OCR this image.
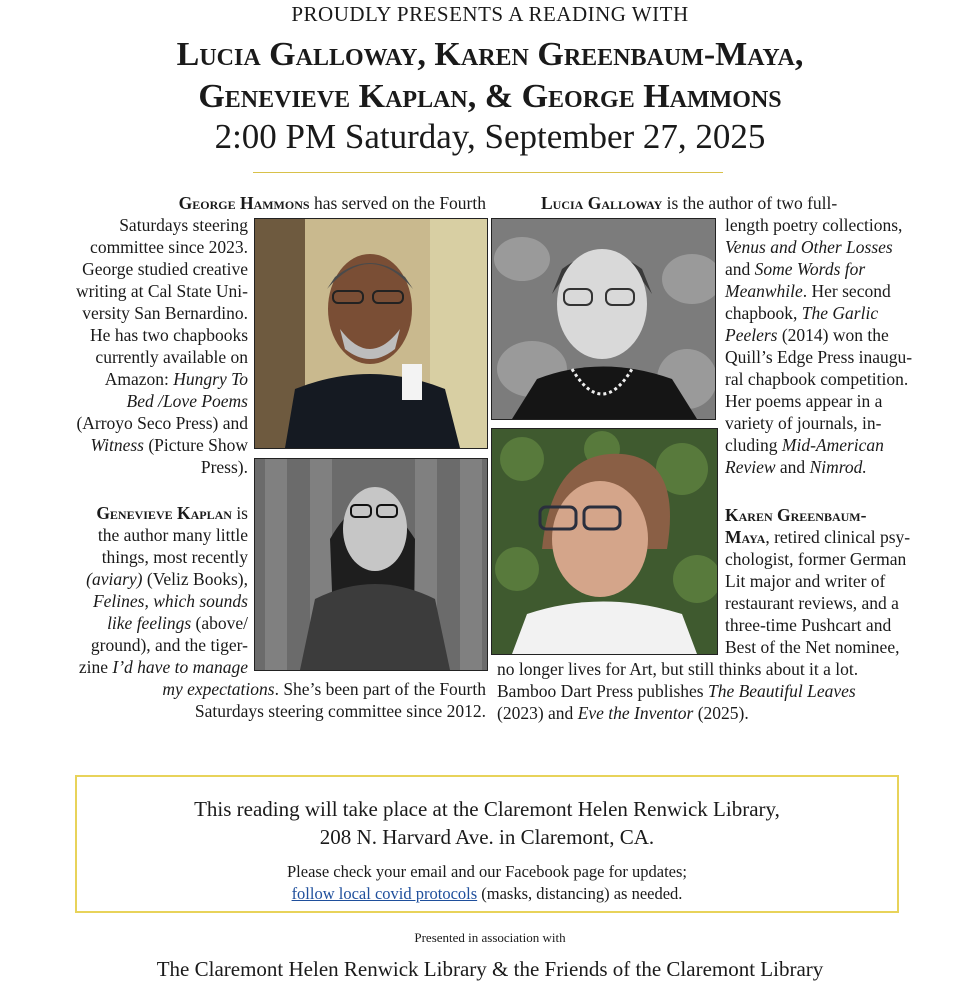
PROUDLY PRESENTS A READING WITH
Lucia Galloway, Karen Greenbaum-Maya,
Genevieve Kaplan, & George Hammons
2:00 PM Saturday, September 27, 2025
George Hammons has served on the Fourth
Saturdays steering
committee since 2023.
George studied creative
writing at Cal State Uni-
versity San Bernardino.
He has two chapbooks
currently available on
Amazon: Hungry To
Bed /Love Poems
(Arroyo Seco Press) and
Witness (Picture Show
Press).
Genevieve Kaplan is
the author many little
things, most recently
(aviary) (Veliz Books),
Felines, which sounds
like feelings (above/
ground), and the tiger-
zine I’d have to manage
my expectations. She’s been part of the Fourth
Saturdays steering committee since 2012.
Lucia Galloway is the author of two full-
length poetry collections,
Venus and Other Losses
and Some Words for
Meanwhile. Her second
chapbook, The Garlic
Peelers (2014) won the
Quill’s Edge Press inaugu-
ral chapbook competition.
Her poems appear in a
variety of journals, in-
cluding Mid-American
Review and Nimrod.
Karen Greenbaum-
Maya, retired clinical psy-
chologist, former German
Lit major and writer of
restaurant reviews, and a
three-time Pushcart and
Best of the Net nominee,
no longer lives for Art, but still thinks about it a lot.
Bamboo Dart Press publishes The Beautiful Leaves
(2023) and Eve the Inventor (2025).
This reading will take place at the Claremont Helen Renwick Library,
208 N. Harvard Ave. in Claremont, CA.
Please check your email and our Facebook page for updates;
follow local covid protocols (masks, distancing) as needed.
Presented in association with
The Claremont Helen Renwick Library & the Friends of the Claremont Library
